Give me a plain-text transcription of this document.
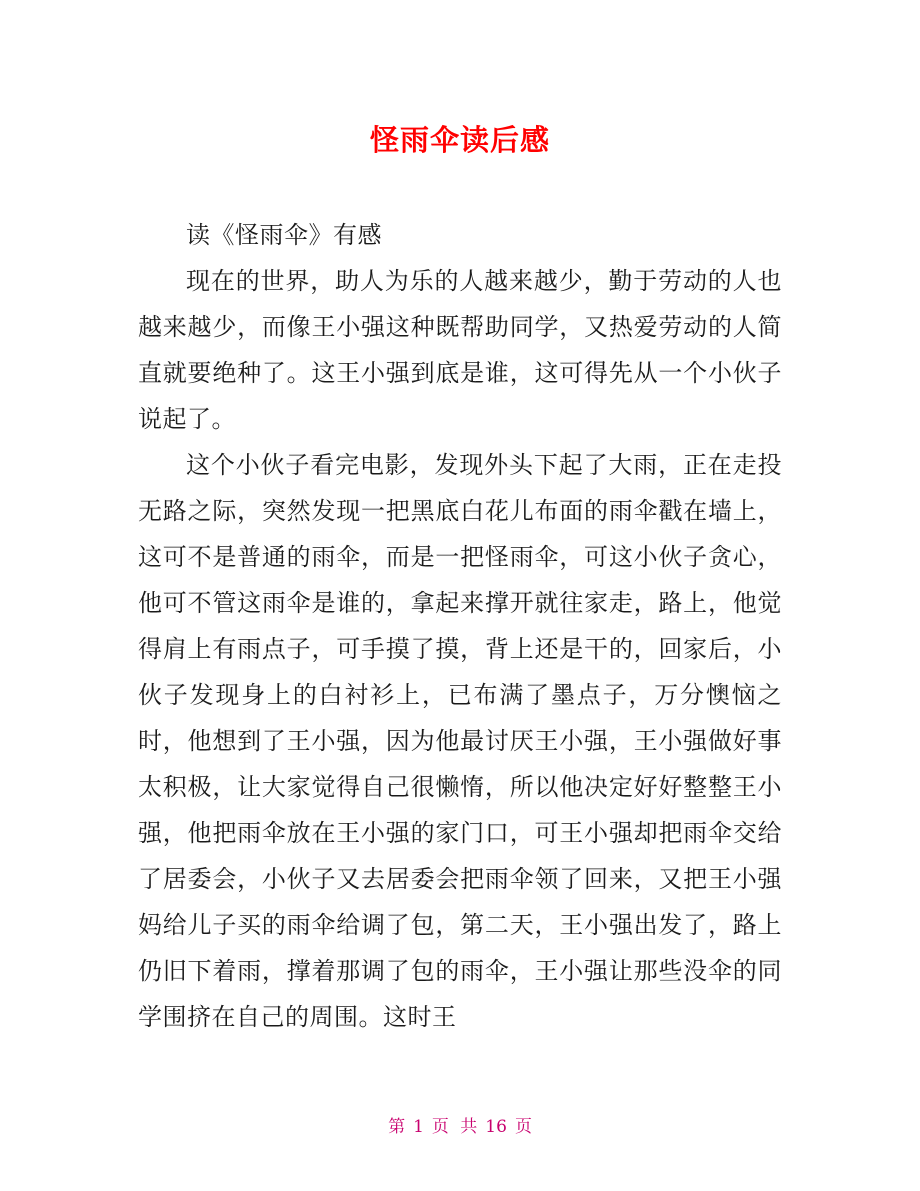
怪雨伞读后感

读《怪雨伞》有感

现在的世界，助人为乐的人越来越少，勤于劳动的人也越来越少，而像王小强这种既帮助同学，又热爱劳动的人简直就要绝种了。这王小强到底是谁，这可得先从一个小伙子说起了。

这个小伙子看完电影，发现外头下起了大雨，正在走投无路之际，突然发现一把黑底白花儿布面的雨伞戳在墙上，这可不是普通的雨伞，而是一把怪雨伞，可这小伙子贪心，他可不管这雨伞是谁的，拿起来撑开就往家走，路上，他觉得肩上有雨点子，可手摸了摸，背上还是干的，回家后，小伙子发现身上的白衬衫上，已布满了墨点子，万分懊恼之时，他想到了王小强，因为他最讨厌王小强，王小强做好事太积极，让大家觉得自己很懒惰，所以他决定好好整整王小强，他把雨伞放在王小强的家门口，可王小强却把雨伞交给了居委会，小伙子又去居委会把雨伞领了回来，又把王小强妈给儿子买的雨伞给调了包，第二天，王小强出发了，路上仍旧下着雨，撑着那调了包的雨伞，王小强让那些没伞的同学围挤在自己的周围。这时王

第 1 页 共 16 页
